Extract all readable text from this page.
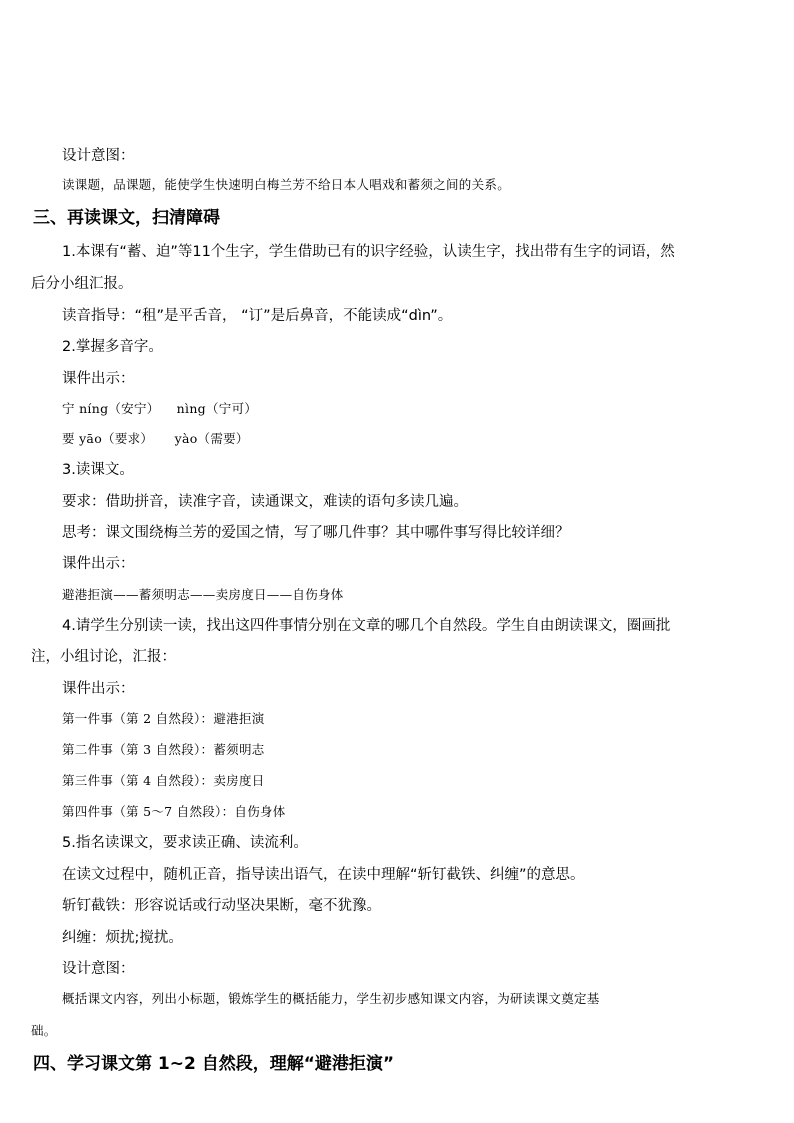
设计意图：
读课题，品课题，能使学生快速明白梅兰芳不给日本人唱戏和蓄须之间的关系。
三、再读课文，扫清障碍
1.本课有“蓄、迫”等11个生字，学生借助已有的识字经验，认读生字，找出带有生字的词语，然
后分小组汇报。
读音指导：“租”是平舌音， “订”是后鼻音，不能读成“dìn”。
2.掌握多音字。
课件出示：
宁 níng（安宁）    nìng（宁可）
要 yāo（要求）     yào（需要）
3.读课文。
要求：借助拼音，读准字音，读通课文，难读的语句多读几遍。
思考：课文围绕梅兰芳的爱国之情，写了哪几件事？其中哪件事写得比较详细？
课件出示：
避港拒演——蓄须明志——卖房度日——自伤身体
4.请学生分别读一读，找出这四件事情分别在文章的哪几个自然段。学生自由朗读课文，圈画批
注，小组讨论，汇报：
课件出示：
第一件事（第 2 自然段）：避港拒演
第二件事（第 3 自然段）：蓄须明志
第三件事（第 4 自然段）：卖房度日
第四件事（第 5～7 自然段）：自伤身体
5.指名读课文，要求读正确、读流利。
在读文过程中，随机正音，指导读出语气，在读中理解“斩钉截铁、纠缠”的意思。
斩钉截铁：形容说话或行动坚决果断，毫不犹豫。
纠缠：烦扰;搅扰。
设计意图：
概括课文内容，列出小标题，锻炼学生的概括能力，学生初步感知课文内容，为研读课文奠定基
础。
四、学习课文第 1~2 自然段，理解“避港拒演”
